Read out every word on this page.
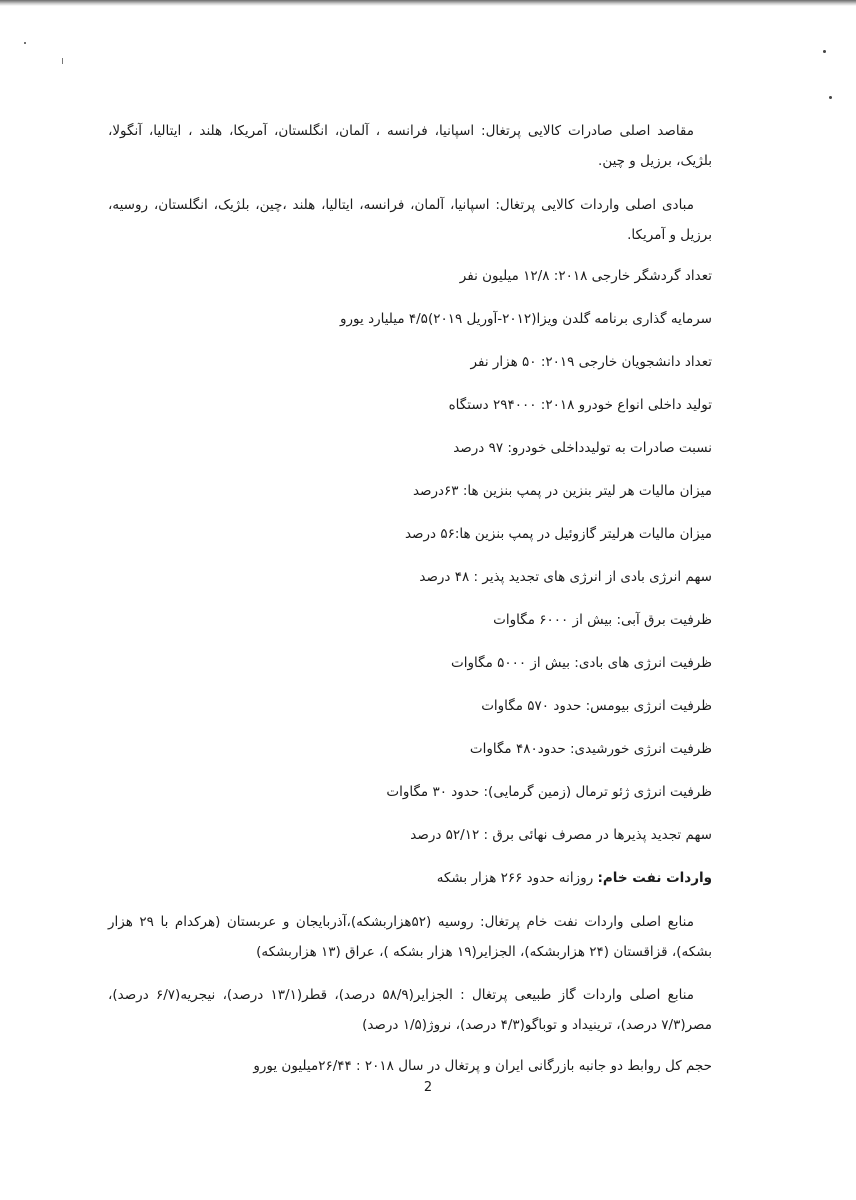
مقاصد اصلی صادرات کالایی پرتغال: اسپانیا، فرانسه ، آلمان، انگلستان، آمریکا، هلند ، ایتالیا، آنگولا، بلژیک، برزیل و چین.

مبادی اصلی واردات کالایی پرتغال: اسپانیا، آلمان، فرانسه، ایتالیا، هلند ،چین، بلژیک، انگلستان، روسیه، برزیل و آمریکا.

تعداد گردشگر خارجی ۲۰۱۸: ۱۲/۸ میلیون نفر
سرمایه گذاری برنامه گلدن ویزا(۲۰۱۲-آوریل ۲۰۱۹)۴/۵ میلیارد یورو
تعداد دانشجویان خارجی ۲۰۱۹: ۵۰ هزار نفر
تولید داخلی انواع خودرو ۲۰۱۸: ۲۹۴۰۰۰ دستگاه
نسبت صادرات به تولیدداخلی خودرو: ۹۷ درصد
میزان مالیات هر لیتر بنزین در پمپ بنزین ها: ۶۳درصد
میزان مالیات هرلیتر گازوئیل در پمپ بنزین ها:۵۶ درصد
سهم انرژی بادی از انرژی های تجدید پذیر : ۴۸ درصد
ظرفیت برق آبی: بیش از ۶۰۰۰ مگاوات
ظرفیت انرژی های بادی: بیش از ۵۰۰۰ مگاوات
ظرفیت انرژی بیومس: حدود ۵۷۰ مگاوات
ظرفیت انرژی خورشیدی: حدود۴۸۰ مگاوات
ظرفیت انرژی ژئو ترمال (زمین گرمایی): حدود ۳۰ مگاوات
سهم تجدید پذیرها در مصرف نهائی برق : ۵۲/۱۲ درصد
واردات نفت خام: روزانه حدود ۲۶۶ هزار بشکه

منابع اصلی واردات نفت خام پرتغال: روسیه (۵۲هزاربشکه)،آذربایجان و عربستان (هرکدام با ۲۹ هزار بشکه)، قزاقستان (۲۴ هزاربشکه)، الجزایر(۱۹ هزار بشکه )، عراق (۱۳ هزاربشکه)

منابع اصلی واردات گاز طبیعی پرتغال : الجزایر(۵۸/۹ درصد)، قطر(۱۳/۱ درصد)، نیجریه(۶/۷ درصد)، مصر(۷/۳ درصد)، ترینیداد و توباگو(۴/۳ درصد)، نروژ(۱/۵ درصد)

حجم کل روابط دو جانبه بازرگانی ایران و پرتغال در سال ۲۰۱۸ : ۲۶/۴۴میلیون یورو
2
